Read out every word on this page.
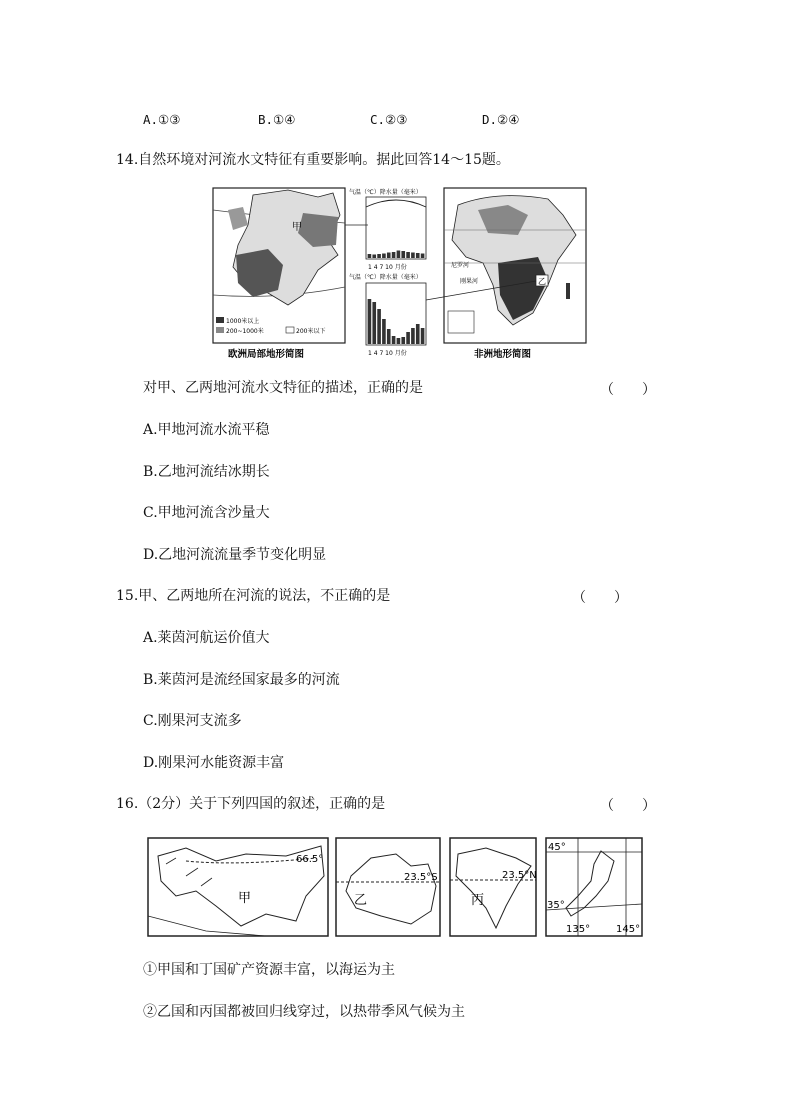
A.①③	B.①④	C.②③	D.②④
14.自然环境对河流水文特征有重要影响。据此回答14～15题。
甲
1000米以上
200~1000米	200米以下
欧洲局部地形简图
气温（℃）降水量（毫米）
1 4 7 10 月份
气温（℃）降水量（毫米）
1 4 7 10 月份
尼罗河
刚果河	乙
非洲地形简图
对甲、乙两地河流水文特征的描述，正确的是	（　　）
A.甲地河流水流平稳
B.乙地河流结冰期长
C.甲地河流含沙量大
D.乙地河流流量季节变化明显
15.甲、乙两地所在河流的说法，不正确的是	（　　）
A.莱茵河航运价值大
B.莱茵河是流经国家最多的河流
C.刚果河支流多
D.刚果河水能资源丰富
16.（2分）关于下列四国的叙述，正确的是	（　　）
甲
66.5°
乙
23.5°S
丙
23.5°N
45°
35°
135°	145°
①甲国和丁国矿产资源丰富，以海运为主
②乙国和丙国都被回归线穿过，以热带季风气候为主
